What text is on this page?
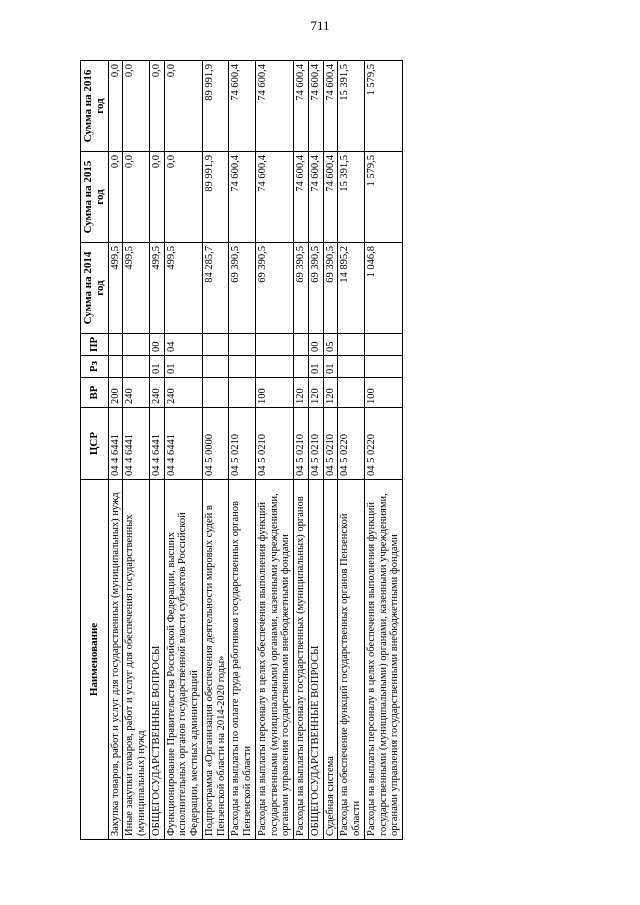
711
Наименование	ЦСР	ВР	Рз	ПР	Сумма на 2014 год	Сумма на 2015 год	Сумма на 2016 год
Закупка товаров, работ и услуг для государственных (муниципальных) нужд	04 4 6441	200			499,5	0,0	0,0
Иные закупки товаров, работ и услуг для обеспечения государственных (муниципальных) нужд	04 4 6441	240			499,5	0,0	0,0
ОБЩЕГОСУДАРСТВЕННЫЕ ВОПРОСЫ	04 4 6441	240	01	00	499,5	0,0	0,0
Функционирование Правительства Российской Федерации, высших исполнительных органов государственной власти субъектов Российской Федерации, местных администраций	04 4 6441	240	01	04	499,5	0,0	0,0
Подпрограмма «Организация обеспечения деятельности мировых судей в Пензенской области на 2014-2020 годы»	04 5 0000				84 285,7	89 991,9	89 991,9
Расходы на выплаты по оплате труда работников государственных органов Пензенской области	04 5 0210				69 390,5	74 600,4	74 600,4
Расходы на выплаты персоналу в целях обеспечения выполнения функций государственными (муниципальными) органами, казенными учреждениями, органами управления государственными внебюджетными фондами	04 5 0210	100			69 390,5	74 600,4	74 600,4
Расходы на выплаты персоналу государственных (муниципальных) органов	04 5 0210	120			69 390,5	74 600,4	74 600,4
ОБЩЕГОСУДАРСТВЕННЫЕ ВОПРОСЫ	04 5 0210	120	01	00	69 390,5	74 600,4	74 600,4
Судебная система	04 5 0210	120	01	05	69 390,5	74 600,4	74 600,4
Расходы на обеспечение функций государственных органов Пензенской области	04 5 0220				14 895,2	15 391,5	15 391,5
Расходы на выплаты персоналу в целях обеспечения выполнения функций государственными (муниципальными) органами, казенными учреждениями, органами управления государственными внебюджетными фондами	04 5 0220	100			1 046,8	1 579,5	1 579,5
